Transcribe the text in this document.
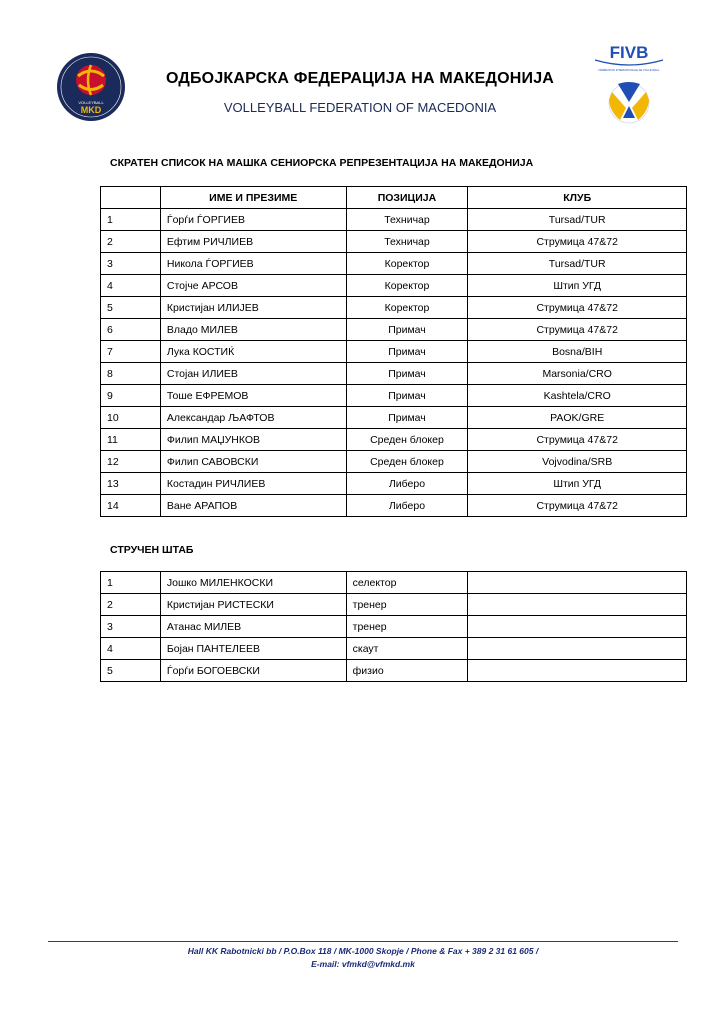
VOLLEYBALL
MKD
FIVB
FÉDÉRATION INTERNATIONALE DE VOLLEYBALL
ОДБОЈКАРСКА ФЕДЕРАЦИЈА НА МАКЕДОНИЈА
VOLLEYBALL FEDERATION OF MACEDONIA
СКРАТЕН СПИСОК НА МАШКА СЕНИОРСКА РЕПРЕЗЕНТАЦИЈА НА МАКЕДОНИЈА
	ИМЕ И ПРЕЗИМЕ	ПОЗИЦИЈА	КЛУБ
1	Ѓорѓи ЃОРГИЕВ	Техничар	Tursad/TUR
2	Ефтим РИЧЛИЕВ	Техничар	Струмица 47&72
3	Никола ЃОРГИЕВ	Коректор	Tursad/TUR
4	Стојче АРСОВ	Коректор	Штип УГД
5	Кристијан ИЛИЈЕВ	Коректор	Струмица 47&72
6	Владо МИЛЕВ	Примач	Струмица 47&72
7	Лука КОСТИЌ	Примач	Bosna/BIH
8	Стојан ИЛИЕВ	Примач	Marsonia/CRO
9	Тоше ЕФРЕМОВ	Примач	Kashtela/CRO
10	Александар ЉАФТОВ	Примач	PAOK/GRE
11	Филип МАЏУНКОВ	Среден блокер	Струмица 47&72
12	Филип САВОВСКИ	Среден блокер	Vojvodina/SRB
13	Костадин РИЧЛИЕВ	Либеро	Штип УГД
14	Ване АРАПОВ	Либеро	Струмица 47&72
СТРУЧЕН ШТАБ
1	Јошко МИЛЕНКОСКИ	селектор	
2	Кристијан РИСТЕСКИ	тренер	
3	Атанас МИЛЕВ	тренер	
4	Бојан ПАНТЕЛЕЕВ	скаут	
5	Ѓорѓи БОГОЕВСКИ	физио	
Hall KK Rabotnicki bb / P.O.Box 118 / MK-1000 Skopje / Phone & Fax + 389 2 31 61 605 /
E-mail: vfmkd@vfmkd.mk
